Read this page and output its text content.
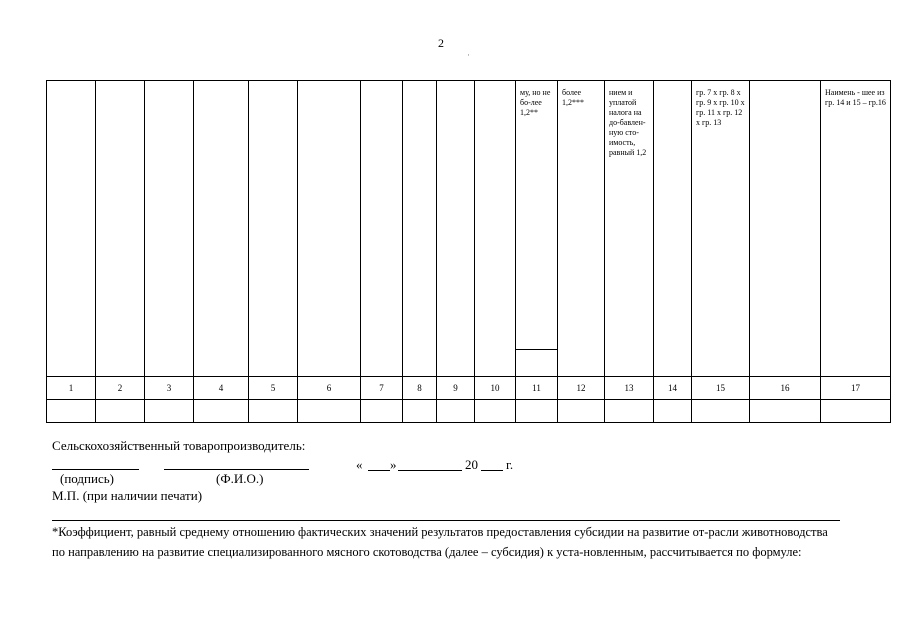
2
·

										му, но не бо-лее 1,2**	более 1,2***	нием и уплатой налога на до-бавлен-ную сто-имость, равный 1,2		гр. 7 х гр. 8 х гр. 9 х гр. 10 х гр. 11 х гр. 12 х гр. 13		Наимень - шее из гр. 14 и 15 – гр.16

1	2	3	4	5	6	7	8	9	10	11	12	13	14	15	16	17

Сельскохозяйственный товаропроизводитель:
« »	20 г.
(подпись)	(Ф.И.О.)
М.П. (при наличии печати)
*Коэффициент, равный среднему отношению фактических значений результатов предоставления субсидии на развитие от-расли животноводства по направлению на развитие специализированного мясного скотоводства (далее – субсидия) к уста-новленным, рассчитывается по формуле:
